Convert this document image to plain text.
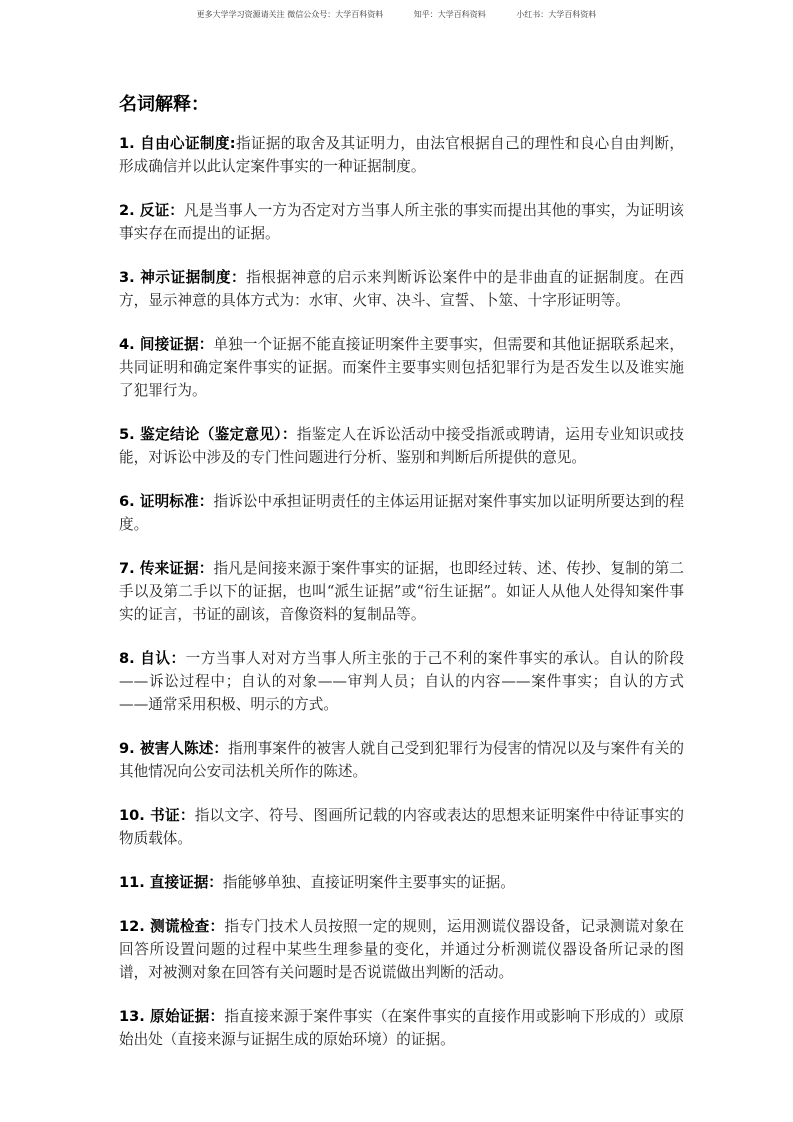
更多大学学习资源请关注 微信公众号：大学百科资料	知乎：大学百科资料	小红书：大学百科资料
名词解释：

1. 自由心证制度:指证据的取舍及其证明力，由法官根据自己的理性和良心自由判断，形成确信并以此认定案件事实的一种证据制度。

2. 反证：凡是当事人一方为否定对方当事人所主张的事实而提出其他的事实，为证明该事实存在而提出的证据。

3. 神示证据制度：指根据神意的启示来判断诉讼案件中的是非曲直的证据制度。在西方，显示神意的具体方式为：水审、火审、决斗、宣誓、卜筮、十字形证明等。

4. 间接证据：单独一个证据不能直接证明案件主要事实，但需要和其他证据联系起来，共同证明和确定案件事实的证据。而案件主要事实则包括犯罪行为是否发生以及谁实施了犯罪行为。

5. 鉴定结论（鉴定意见）：指鉴定人在诉讼活动中接受指派或聘请，运用专业知识或技能，对诉讼中涉及的专门性问题进行分析、鉴别和判断后所提供的意见。

6. 证明标准：指诉讼中承担证明责任的主体运用证据对案件事实加以证明所要达到的程度。

7. 传来证据：指凡是间接来源于案件事实的证据，也即经过转、述、传抄、复制的第二手以及第二手以下的证据，也叫“派生证据”或“衍生证据”。如证人从他人处得知案件事实的证言，书证的副该，音像资料的复制品等。

8. 自认：一方当事人对对方当事人所主张的于己不利的案件事实的承认。自认的阶段——诉讼过程中；自认的对象——审判人员；自认的内容——案件事实；自认的方式——通常采用积极、明示的方式。

9. 被害人陈述：指刑事案件的被害人就自己受到犯罪行为侵害的情况以及与案件有关的其他情况向公安司法机关所作的陈述。

10. 书证：指以文字、符号、图画所记载的内容或表达的思想来证明案件中待证事实的物质载体。

11. 直接证据：指能够单独、直接证明案件主要事实的证据。

12. 测谎检查：指专门技术人员按照一定的规则，运用测谎仪器设备，记录测谎对象在回答所设置问题的过程中某些生理参量的变化，并通过分析测谎仪器设备所记录的图谱，对被测对象在回答有关问题时是否说谎做出判断的活动。

13. 原始证据：指直接来源于案件事实（在案件事实的直接作用或影响下形成的）或原始出处（直接来源与证据生成的原始环境）的证据。
